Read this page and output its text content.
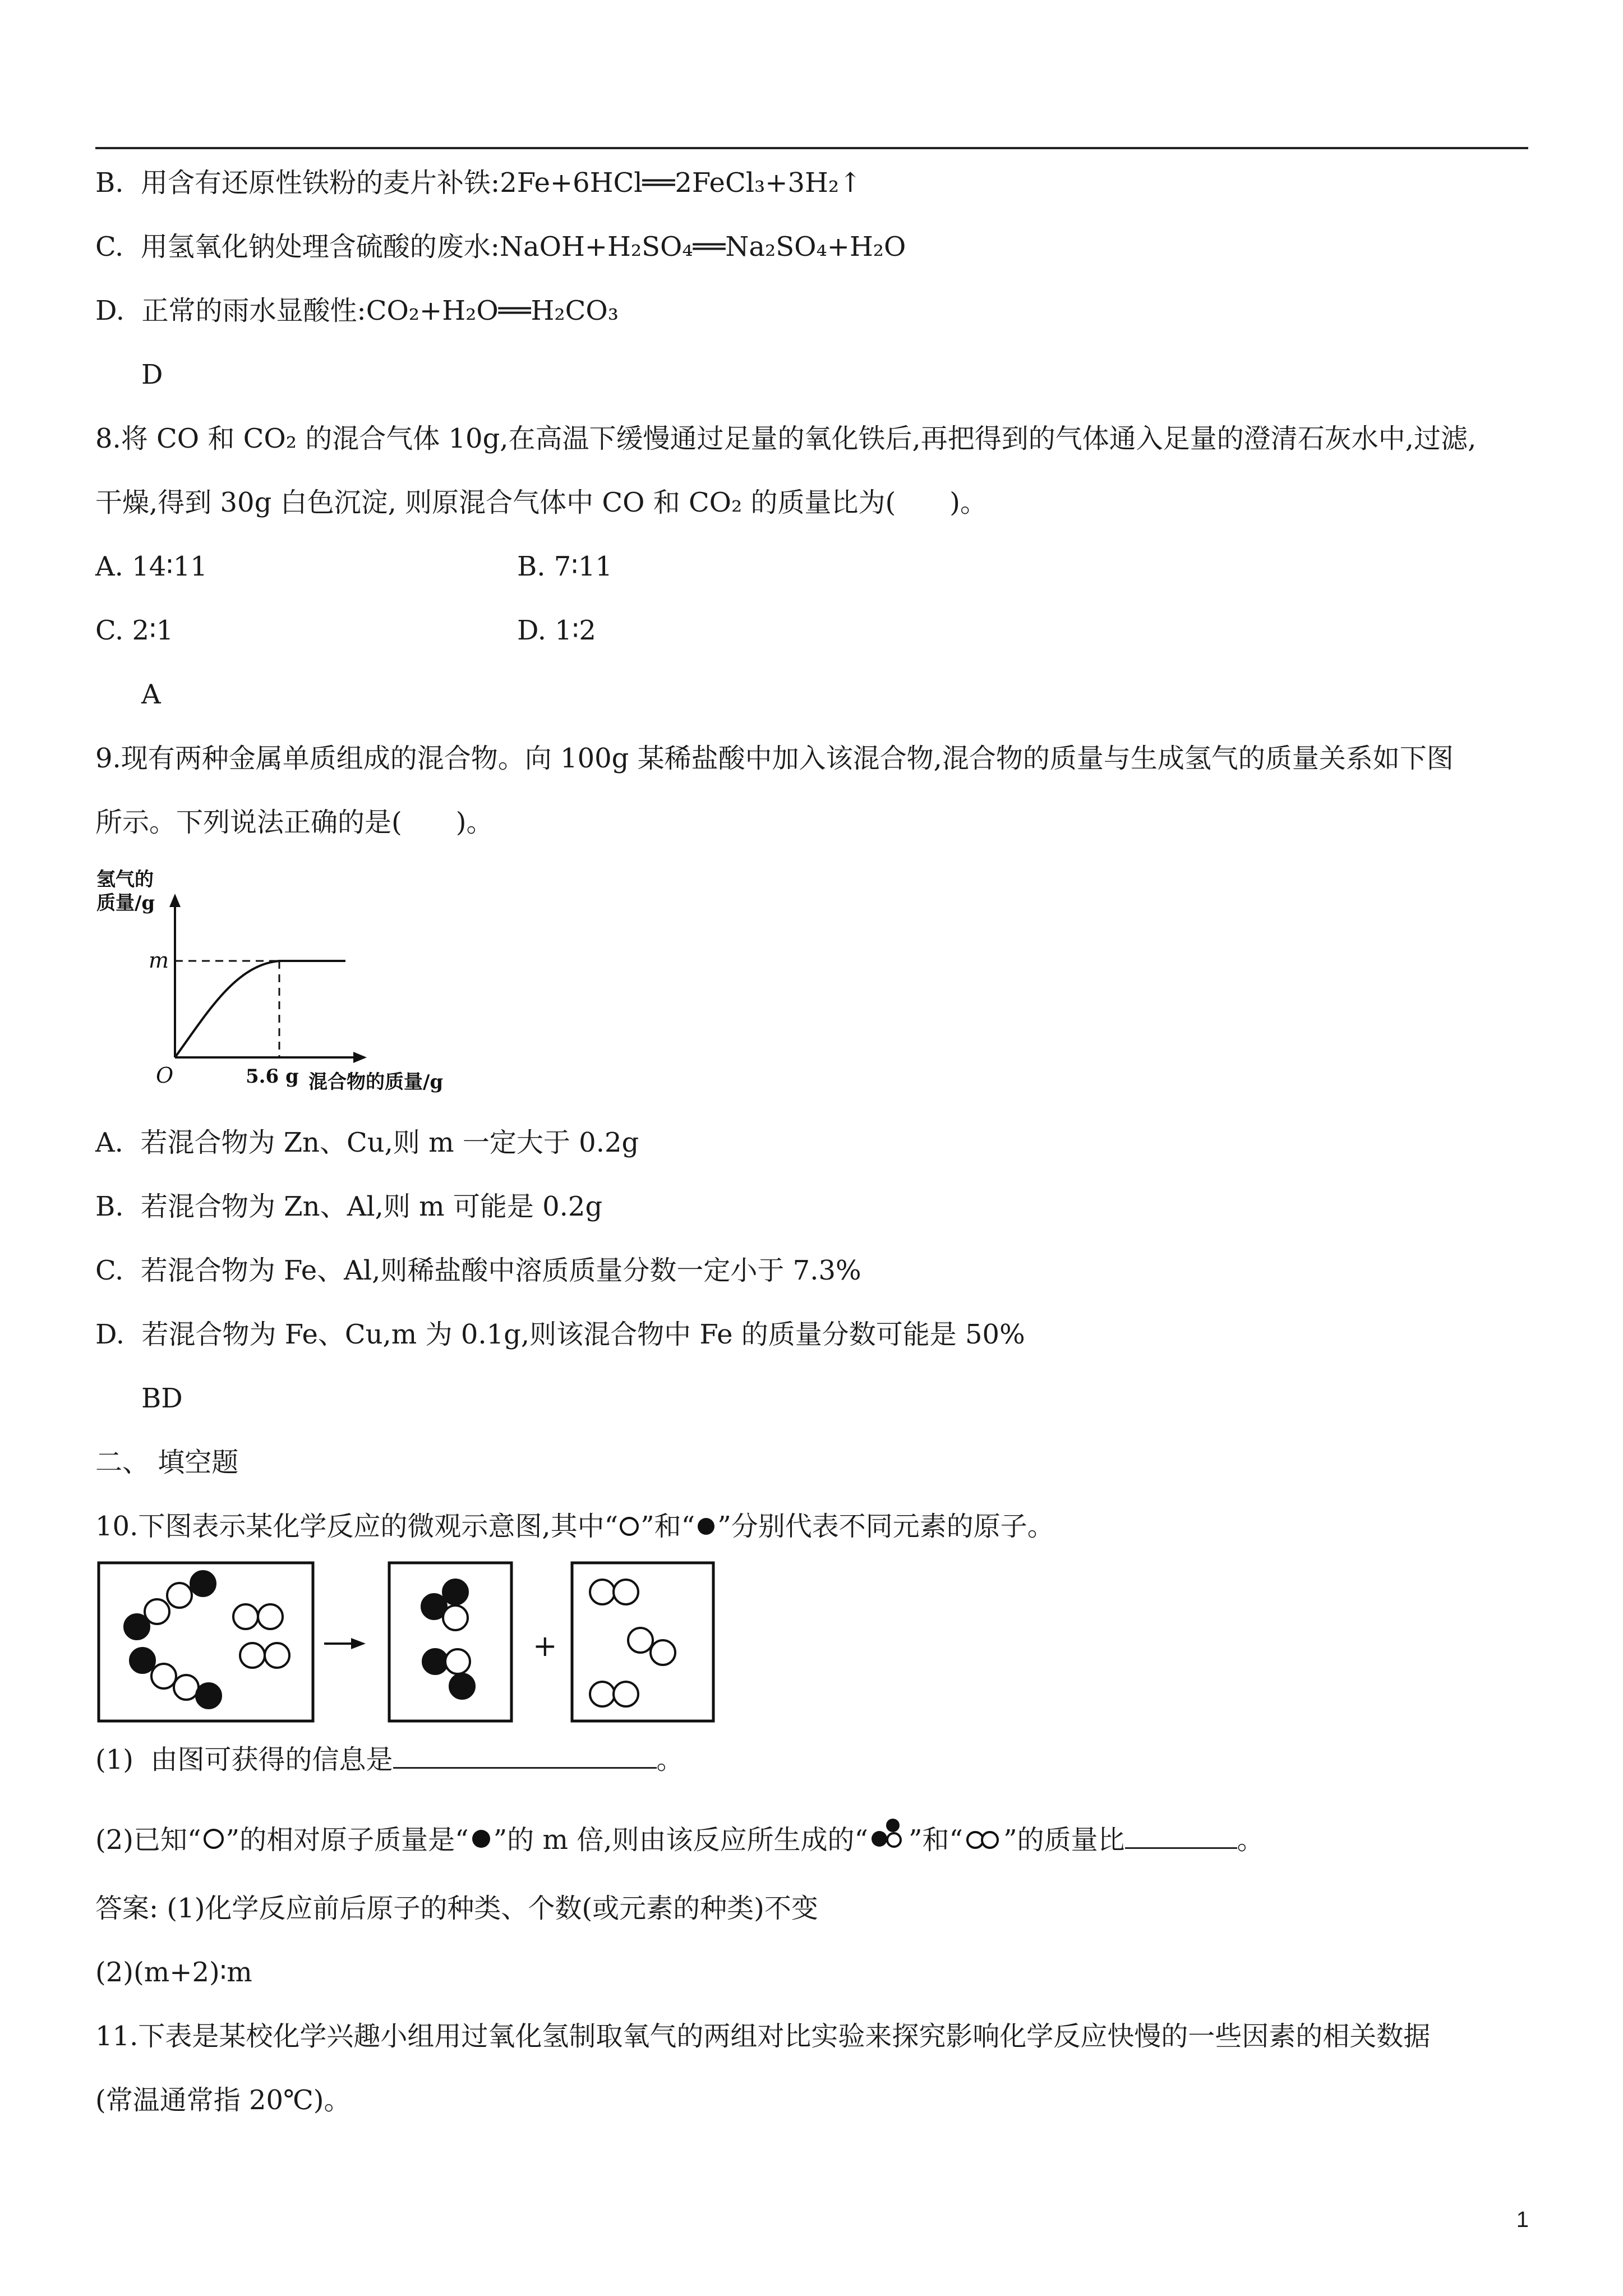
B. 用含有还原性铁粉的麦片补铁:2Fe+6HCl══2FeCl₃+3H₂↑
C. 用氢氧化钠处理含硫酸的废水:NaOH+H₂SO₄══Na₂SO₄+H₂O
D. 正常的雨水显酸性:CO₂+H₂O══H₂CO₃
D
8.将 CO 和 CO₂ 的混合气体 10g,在高温下缓慢通过足量的氧化铁后,再把得到的气体通入足量的澄清石灰水中,过滤,
干燥,得到 30g 白色沉淀, 则原混合气体中 CO 和 CO₂ 的质量比为(　　)。
A. 14∶11	B. 7∶11
C. 2∶1	D. 1∶2
A
9.现有两种金属单质组成的混合物。向 100g 某稀盐酸中加入该混合物,混合物的质量与生成氢气的质量关系如下图
所示。下列说法正确的是(　　)。
氢气的
质量/g
m
O	5.6 g 混合物的质量/g
A.  若混合物为 Zn、Cu,则 m 一定大于 0.2g
B.  若混合物为 Zn、Al,则 m 可能是 0.2g
C.  若混合物为 Fe、Al,则稀盐酸中溶质质量分数一定小于 7.3%
D.  若混合物为 Fe、Cu,m 为 0.1g,则该混合物中 Fe 的质量分数可能是 50%
BD
二、 填空题
10.下图表示某化学反应的微观示意图,其中“ ”和“ ”分别代表不同元素的原子。
+
(1)  由图可获得的信息是	。
(2)已知“ ”的相对原子质量是“ ”的 m 倍,则由该反应所生成的“ ”和“ ”的质量比	。
答案: (1)化学反应前后原子的种类、个数(或元素的种类)不变
(2)(m+2)∶m
11.下表是某校化学兴趣小组用过氧化氢制取氧气的两组对比实验来探究影响化学反应快慢的一些因素的相关数据
(常温通常指 20℃)。
1
